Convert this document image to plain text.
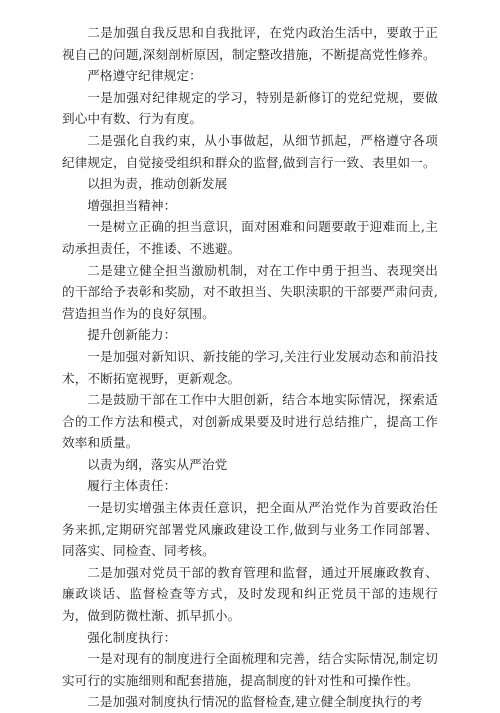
二是加强自我反思和自我批评，在党内政治生活中，要敢于正视自己的问题,深刻剖析原因，制定整改措施，不断提高党性修养。

严格遵守纪律规定：

一是加强对纪律规定的学习，特别是新修订的党纪党规，要做到心中有数、行为有度。

二是强化自我约束，从小事做起，从细节抓起，严格遵守各项纪律规定，自觉接受组织和群众的监督,做到言行一致、表里如一。

以担为责，推动创新发展

增强担当精神：

一是树立正确的担当意识，面对困难和问题要敢于迎难而上,主动承担责任，不推诿、不逃避。

二是建立健全担当激励机制，对在工作中勇于担当、表现突出的干部给予表彰和奖励，对不敢担当、失职渎职的干部要严肃问责,营造担当作为的良好氛围。

提升创新能力：

一是加强对新知识、新技能的学习,关注行业发展动态和前沿技术，不断拓宽视野，更新观念。

二是鼓励干部在工作中大胆创新，结合本地实际情况，探索适合的工作方法和模式，对创新成果要及时进行总结推广，提高工作效率和质量。

以责为纲，落实从严治党

履行主体责任：

一是切实增强主体责任意识，把全面从严治党作为首要政治任务来抓,定期研究部署党风廉政建设工作,做到与业务工作同部署、同落实、同检查、同考核。

二是加强对党员干部的教育管理和监督，通过开展廉政教育、廉政谈话、监督检查等方式，及时发现和纠正党员干部的违规行为，做到防微杜渐、抓早抓小。

强化制度执行：

一是对现有的制度进行全面梳理和完善，结合实际情况,制定切实可行的实施细则和配套措施，提高制度的针对性和可操作性。

二是加强对制度执行情况的监督检查,建立健全制度执行的考
